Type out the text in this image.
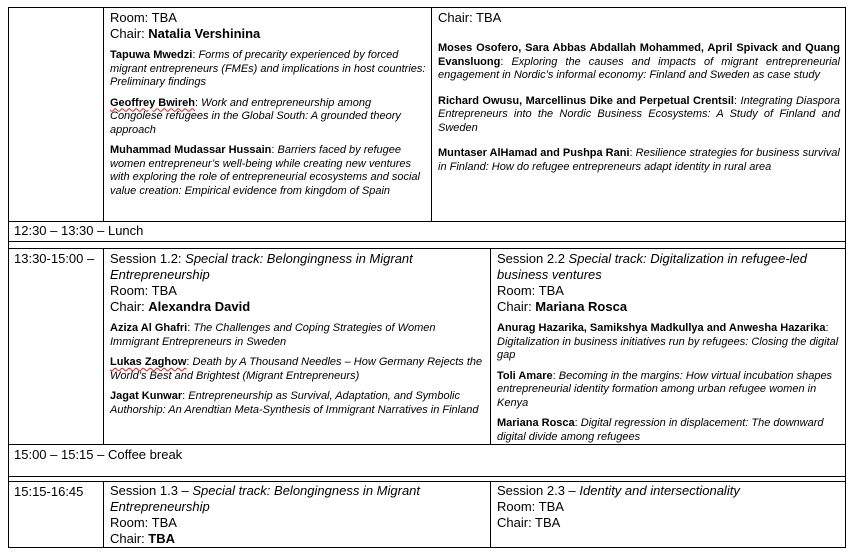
Room: TBA
Chair: Natalia Vershinina
Tapuwa Mwedzi: Forms of precarity experienced by forced migrant entrepreneurs (FMEs) and implications in host countries: Preliminary findings
Geoffrey Bwireh: Work and entrepreneurship among Congolese refugees in the Global South: A grounded theory approach
Muhammad Mudassar Hussain: Barriers faced by refugee women entrepreneur’s well-being while creating new ventures with exploring the role of entrepreneurial ecosystems and social value creation: Empirical evidence from kingdom of Spain
Chair: TBA
Moses Osofero, Sara Abbas Abdallah Mohammed, April Spivack and Quang Evansluong: Exploring the causes and impacts of migrant entrepreneurial engagement in Nordic’s informal economy: Finland and Sweden as case study
Richard Owusu, Marcellinus Dike and Perpetual Crentsil: Integrating Diaspora Entrepreneurs into the Nordic Business Ecosystems: A Study of Finland and Sweden
Muntaser AlHamad and Pushpa Rani: Resilience strategies for business survival in Finland: How do refugee entrepreneurs adapt identity in rural area
12:30 – 13:30 – Lunch
13:30-15:00 – Session 1.2: Special track: Belongingness in Migrant Entrepreneurship
Room: TBA
Chair: Alexandra David
Aziza Al Ghafri: The Challenges and Coping Strategies of Women Immigrant Entrepreneurs in Sweden
Lukas Zaghow: Death by A Thousand Needles – How Germany Rejects the World’s Best and Brightest (Migrant Entrepreneurs)
Jagat Kunwar: Entrepreneurship as Survival, Adaptation, and Symbolic Authorship: An Arendtian Meta-Synthesis of Immigrant Narratives in Finland
Session 2.2 Special track: Digitalization in refugee-led business ventures
Room: TBA
Chair: Mariana Rosca
Anurag Hazarika, Samikshya Madkullya and Anwesha Hazarika: Digitalization in business initiatives run by refugees: Closing the digital gap
Toli Amare: Becoming in the margins: How virtual incubation shapes entrepreneurial identity formation among urban refugee women in Kenya
Mariana Rosca: Digital regression in displacement: The downward digital divide among refugees
15:00 – 15:15 – Coffee break
15:15-16:45 Session 1.3 – Special track: Belongingness in Migrant Entrepreneurship
Room: TBA
Chair: TBA
Session 2.3 – Identity and intersectionality
Room: TBA
Chair: TBA
